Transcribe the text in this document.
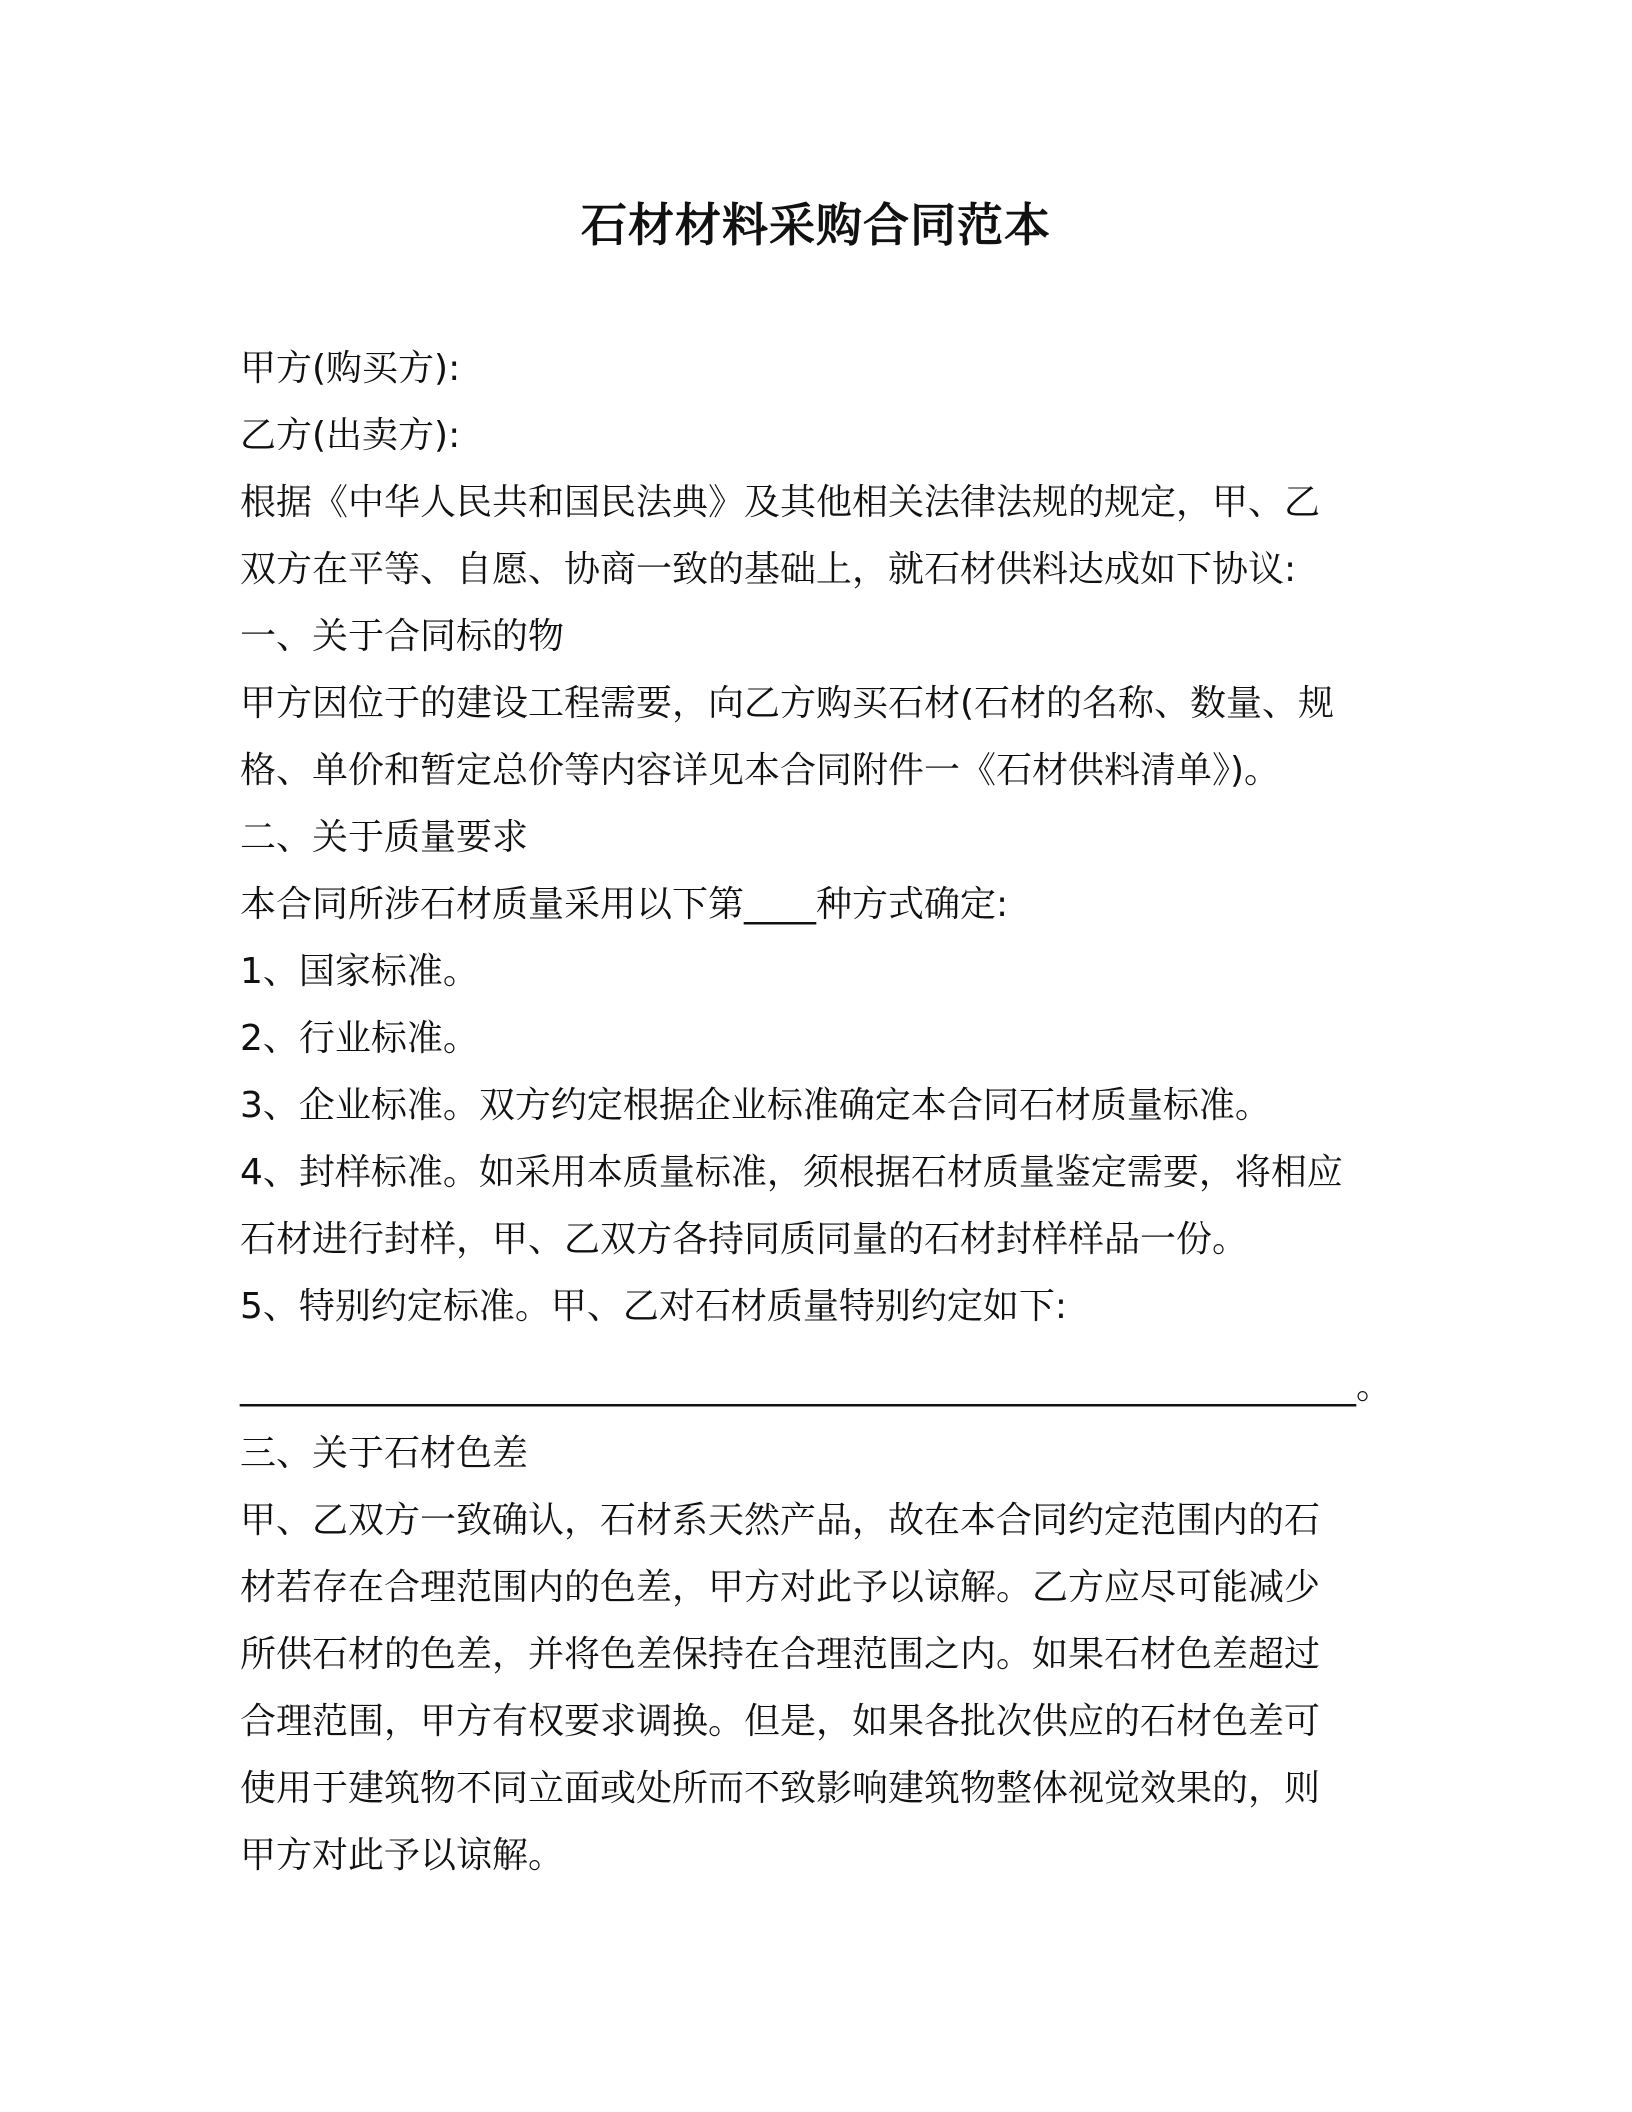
石材材料采购合同范本

甲方(购买方):

乙方(出卖方):

根据《中华人民共和国民法典》及其他相关法律法规的规定，甲、乙

双方在平等、自愿、协商一致的基础上，就石材供料达成如下协议:

一、关于合同标的物

甲方因位于的建设工程需要，向乙方购买石材(石材的名称、数量、规

格、单价和暂定总价等内容详见本合同附件一《石材供料清单》)。

二、关于质量要求

本合同所涉石材质量采用以下第____种方式确定:

1、国家标准。

2、行业标准。

3、企业标准。双方约定根据企业标准确定本合同石材质量标准。

4、封样标准。如采用本质量标准，须根据石材质量鉴定需要，将相应

石材进行封样，甲、乙双方各持同质同量的石材封样样品一份。

5、特别约定标准。甲、乙对石材质量特别约定如下:

______________________________________________________________。

三、关于石材色差

甲、乙双方一致确认，石材系天然产品，故在本合同约定范围内的石

材若存在合理范围内的色差，甲方对此予以谅解。乙方应尽可能减少

所供石材的色差，并将色差保持在合理范围之内。如果石材色差超过

合理范围，甲方有权要求调换。但是，如果各批次供应的石材色差可

使用于建筑物不同立面或处所而不致影响建筑物整体视觉效果的，则

甲方对此予以谅解。
